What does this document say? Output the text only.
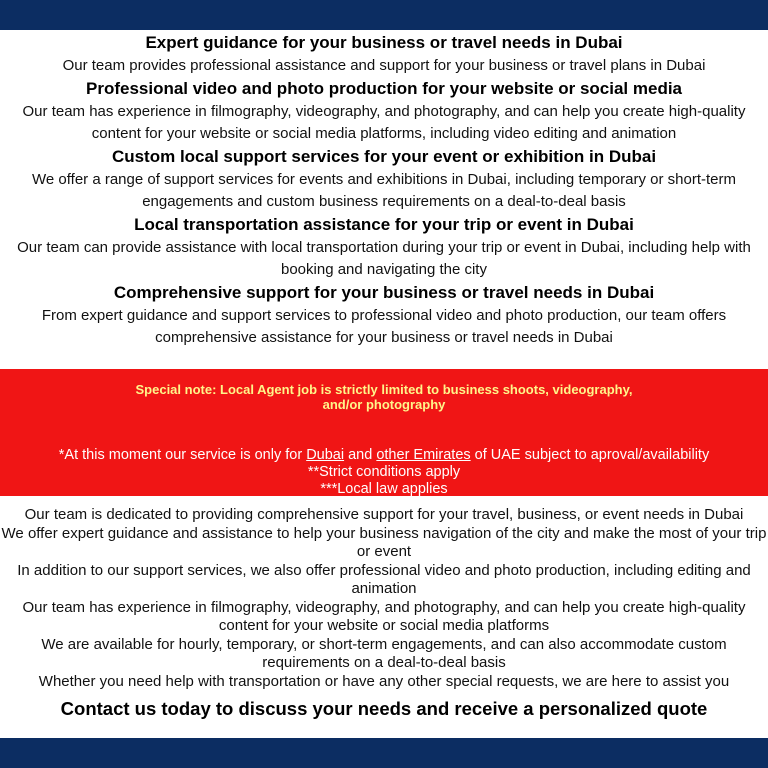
Expert guidance for your business or travel needs in Dubai

Our team provides professional assistance and support for your business or travel plans in Dubai

Professional video and photo production for your website or social media

Our team has experience in filmography, videography, and photography, and can help you create high-quality content for your website or social media platforms, including video editing and animation

Custom local support services for your event or exhibition in Dubai

We offer a range of support services for events and exhibitions in Dubai, including temporary or short-term engagements and custom business requirements on a deal-to-deal basis

Local transportation assistance for your trip or event in Dubai

Our team can provide assistance with local transportation during your trip or event in Dubai, including help with booking and navigating the city

Comprehensive support for your business or travel needs in Dubai

From expert guidance and support services to professional video and photo production, our team offers comprehensive assistance for your business or travel needs in Dubai

Special note: Local Agent job is strictly limited to business shoots, videography, and/or photography

*At this moment our service is only for Dubai and other Emirates of UAE subject to aproval/availability

**Strict conditions apply

***Local law applies

Our team is dedicated to providing comprehensive support for your travel, business, or event needs in Dubai

We offer expert guidance and assistance to help your business navigation of the city and make the most of your trip or event

In addition to our support services, we also offer professional video and photo production, including editing and animation

Our team has experience in filmography, videography, and photography, and can help you create high-quality content for your website or social media platforms

We are available for hourly, temporary, or short-term engagements, and can also accommodate custom requirements on a deal-to-deal basis

Whether you need help with transportation or have any other special requests, we are here to assist you

Contact us today to discuss your needs and receive a personalized quote
